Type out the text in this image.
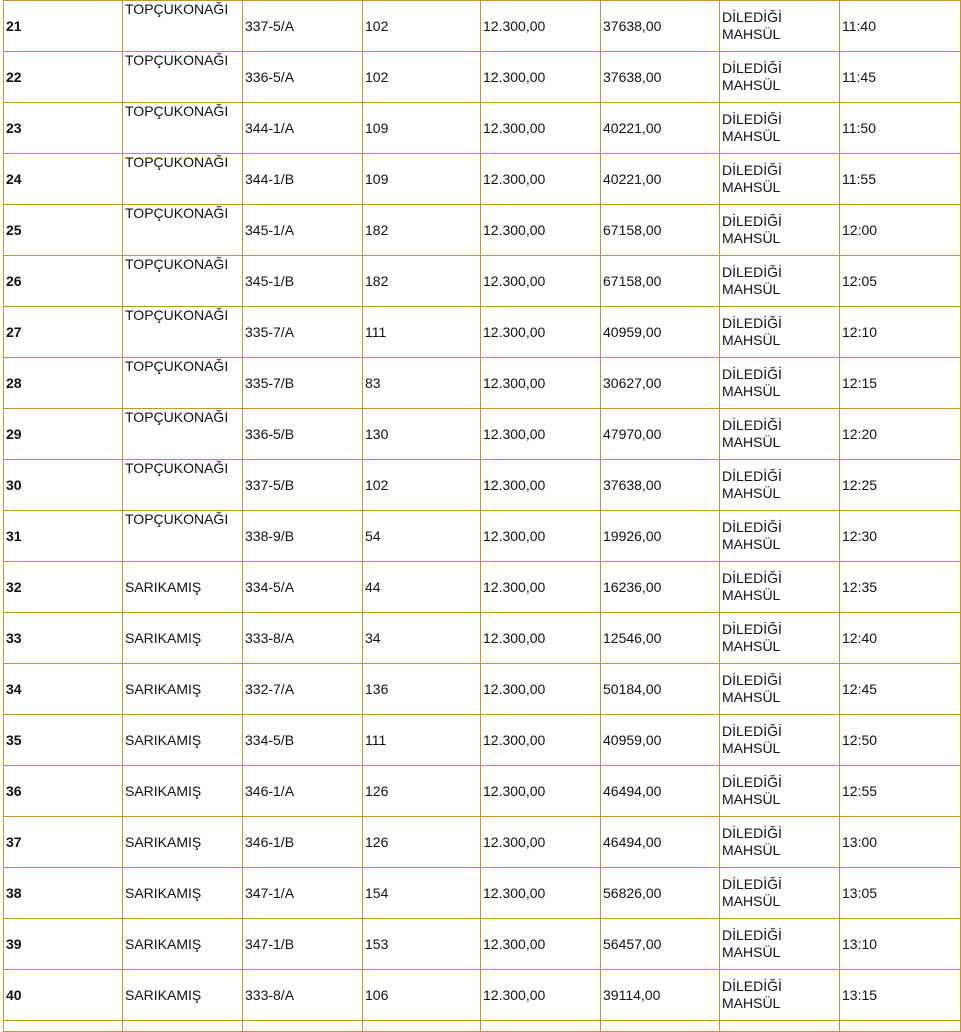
21	TOPÇUKONAĞI	337-5/A	102	12.300,00	37638,00	DİLEDİĞİ MAHSÜL	11:40
22	TOPÇUKONAĞI	336-5/A	102	12.300,00	37638,00	DİLEDİĞİ MAHSÜL	11:45
23	TOPÇUKONAĞI	344-1/A	109	12.300,00	40221,00	DİLEDİĞİ MAHSÜL	11:50
24	TOPÇUKONAĞI	344-1/B	109	12.300,00	40221,00	DİLEDİĞİ MAHSÜL	11:55
25	TOPÇUKONAĞI	345-1/A	182	12.300,00	67158,00	DİLEDİĞİ MAHSÜL	12:00
26	TOPÇUKONAĞI	345-1/B	182	12.300,00	67158,00	DİLEDİĞİ MAHSÜL	12:05
27	TOPÇUKONAĞI	335-7/A	111	12.300,00	40959,00	DİLEDİĞİ MAHSÜL	12:10
28	TOPÇUKONAĞI	335-7/B	83	12.300,00	30627,00	DİLEDİĞİ MAHSÜL	12:15
29	TOPÇUKONAĞI	336-5/B	130	12.300,00	47970,00	DİLEDİĞİ MAHSÜL	12:20
30	TOPÇUKONAĞI	337-5/B	102	12.300,00	37638,00	DİLEDİĞİ MAHSÜL	12:25
31	TOPÇUKONAĞI	338-9/B	54	12.300,00	19926,00	DİLEDİĞİ MAHSÜL	12:30
32	SARIKAMIŞ	334-5/A	44	12.300,00	16236,00	DİLEDİĞİ MAHSÜL	12:35
33	SARIKAMIŞ	333-8/A	34	12.300,00	12546,00	DİLEDİĞİ MAHSÜL	12:40
34	SARIKAMIŞ	332-7/A	136	12.300,00	50184,00	DİLEDİĞİ MAHSÜL	12:45
35	SARIKAMIŞ	334-5/B	111	12.300,00	40959,00	DİLEDİĞİ MAHSÜL	12:50
36	SARIKAMIŞ	346-1/A	126	12.300,00	46494,00	DİLEDİĞİ MAHSÜL	12:55
37	SARIKAMIŞ	346-1/B	126	12.300,00	46494,00	DİLEDİĞİ MAHSÜL	13:00
38	SARIKAMIŞ	347-1/A	154	12.300,00	56826,00	DİLEDİĞİ MAHSÜL	13:05
39	SARIKAMIŞ	347-1/B	153	12.300,00	56457,00	DİLEDİĞİ MAHSÜL	13:10
40	SARIKAMIŞ	333-8/A	106	12.300,00	39114,00	DİLEDİĞİ MAHSÜL	13:15
